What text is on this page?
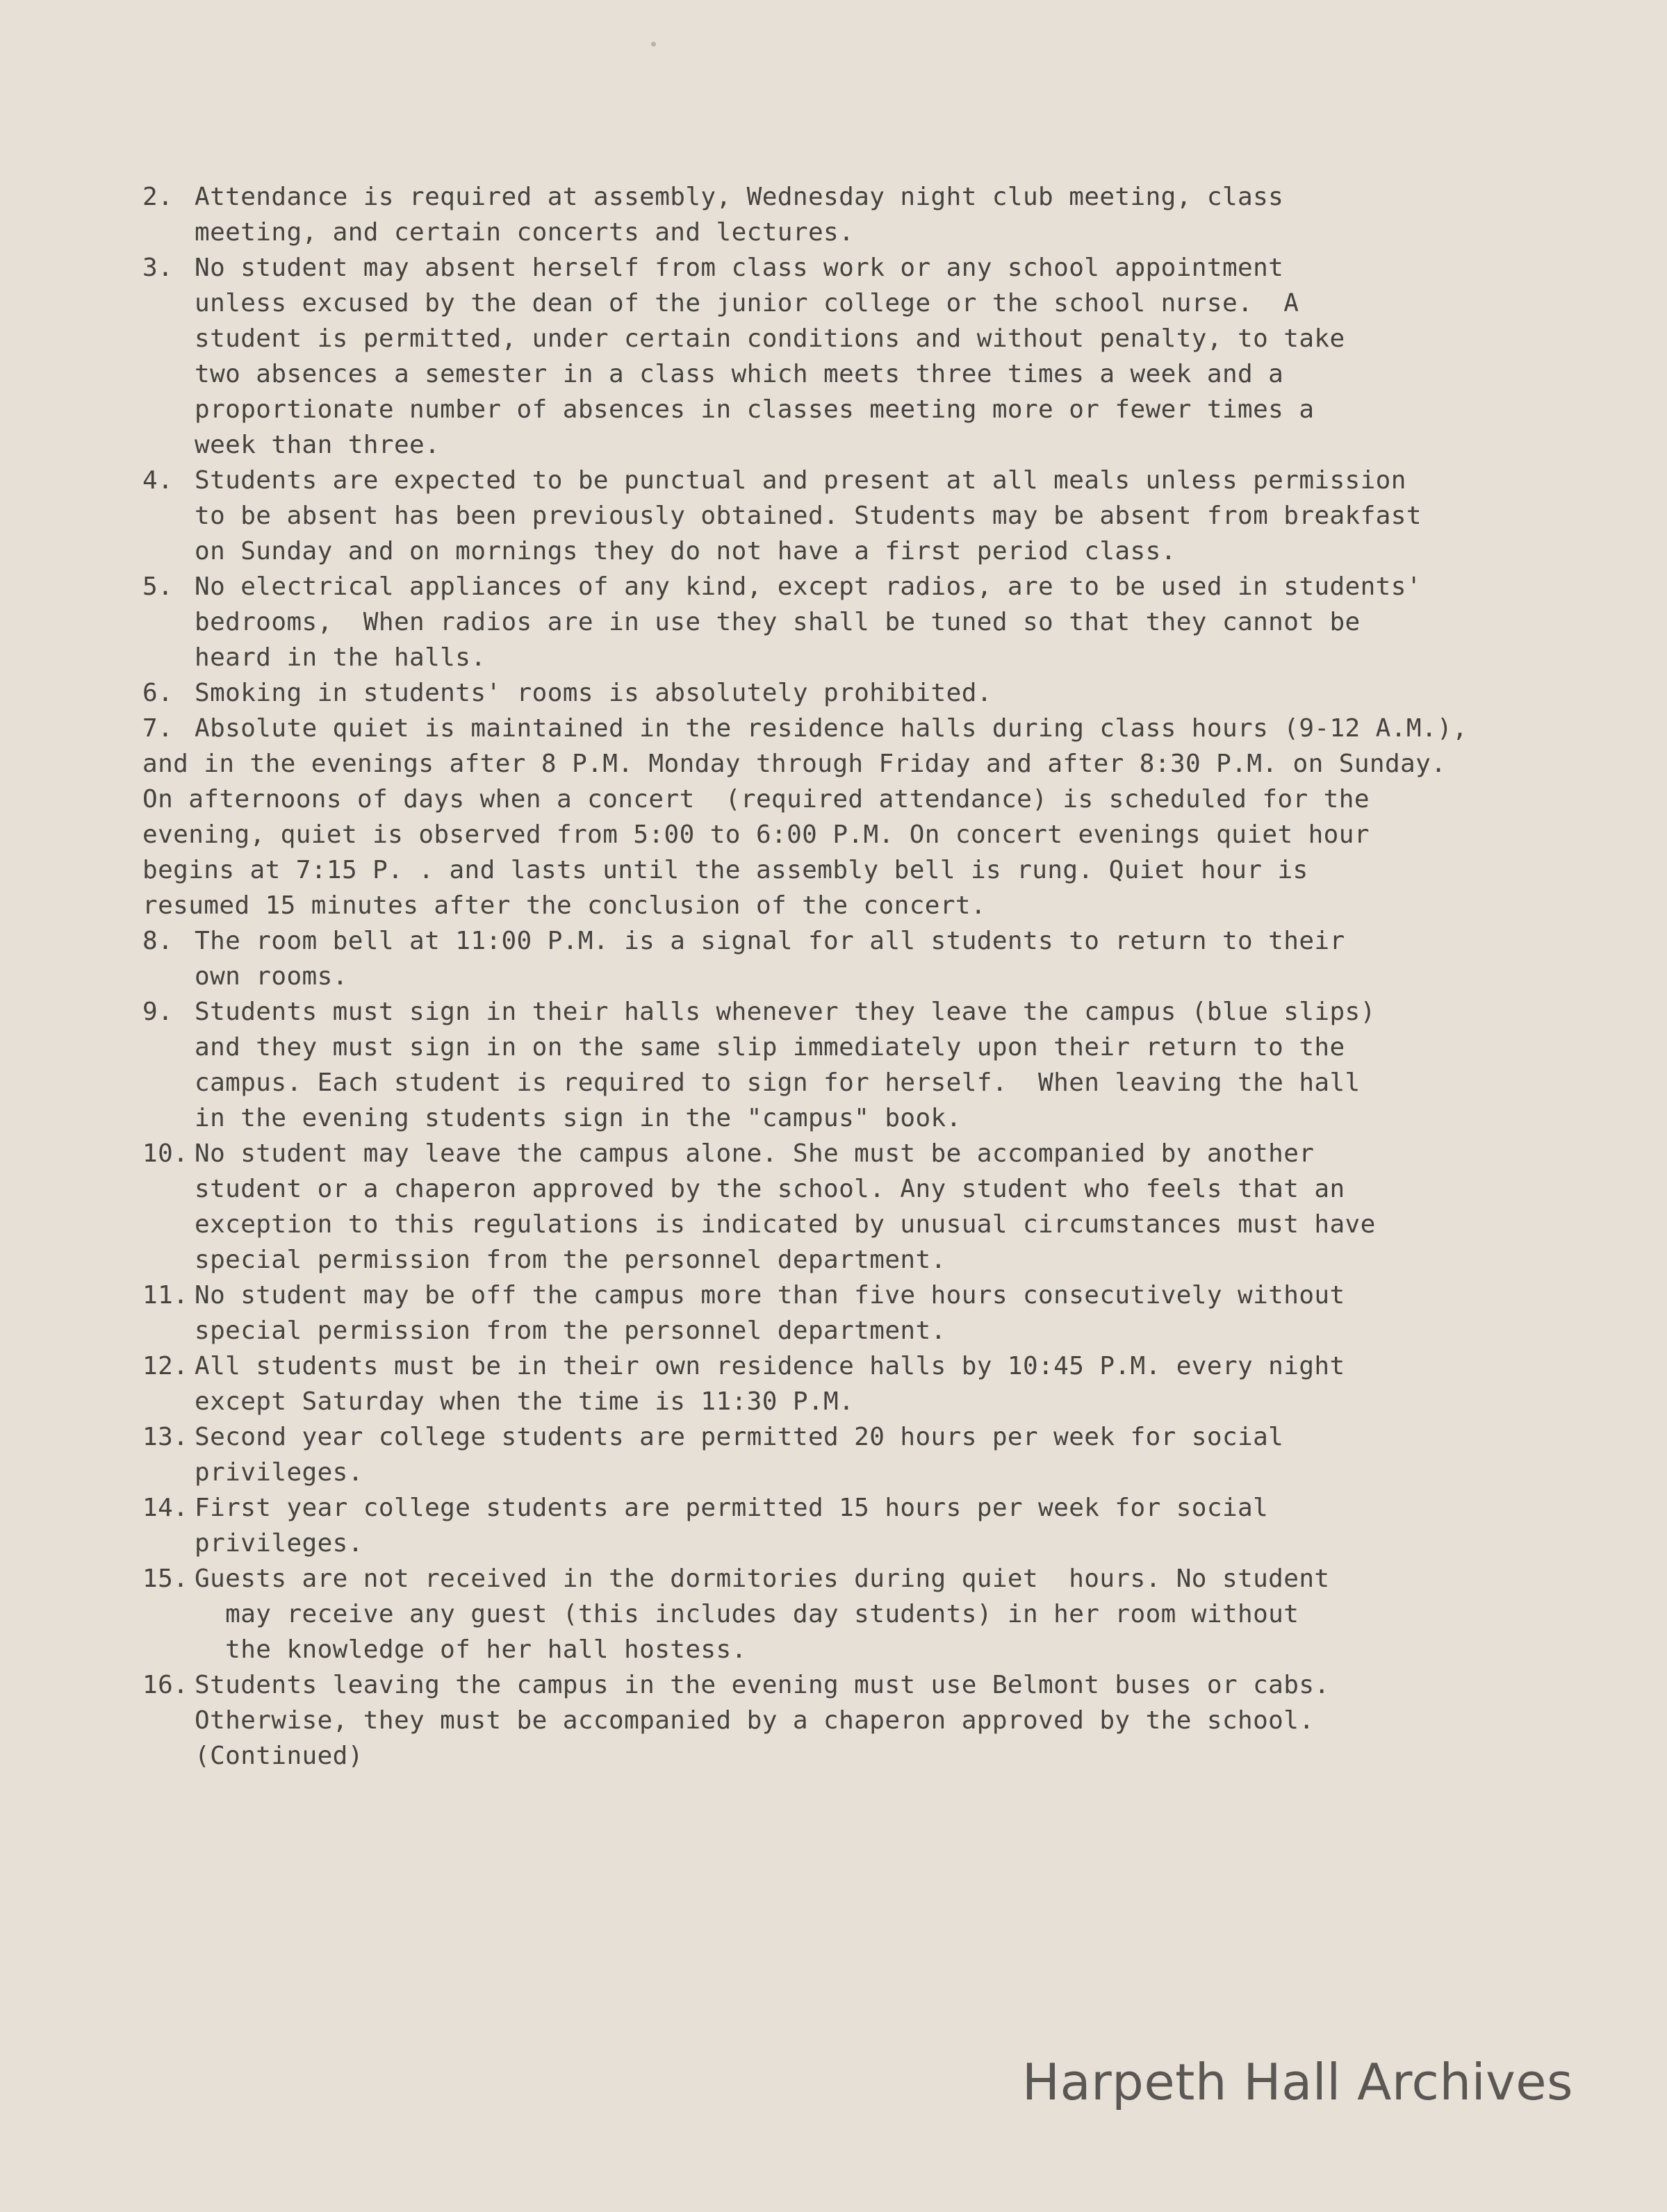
2. Attendance is required at assembly, Wednesday night club meeting, class
meeting, and certain concerts and lectures.
3. No student may absent herself from class work or any school appointment
unless excused by the dean of the junior college or the school nurse.  A
student is permitted, under certain conditions and without penalty, to take
two absences a semester in a class which meets three times a week and a
proportionate number of absences in classes meeting more or fewer times a
week than three.
4. Students are expected to be punctual and present at all meals unless permission
to be absent has been previously obtained. Students may be absent from breakfast
on Sunday and on mornings they do not have a first period class.
5. No electrical appliances of any kind, except radios, are to be used in students'
bedrooms,  When radios are in use they shall be tuned so that they cannot be
heard in the halls.
6. Smoking in students' rooms is absolutely prohibited.
7. Absolute quiet is maintained in the residence halls during class hours (9-12 A.M.),
and in the evenings after 8 P.M. Monday through Friday and after 8:30 P.M. on Sunday.
On afternoons of days when a concert  (required attendance) is scheduled for the
evening, quiet is observed from 5:00 to 6:00 P.M. On concert evenings quiet hour
begins at 7:15 P. . and lasts until the assembly bell is rung. Quiet hour is
resumed 15 minutes after the conclusion of the concert.
8. The room bell at 11:00 P.M. is a signal for all students to return to their
own rooms.
9. Students must sign in their halls whenever they leave the campus (blue slips)
and they must sign in on the same slip immediately upon their return to the
campus. Each student is required to sign for herself.  When leaving the hall
in the evening students sign in the "campus" book.
10. No student may leave the campus alone. She must be accompanied by another
student or a chaperon approved by the school. Any student who feels that an
exception to this regulations is indicated by unusual circumstances must have
special permission from the personnel department.
11. No student may be off the campus more than five hours consecutively without
special permission from the personnel department.
12. All students must be in their own residence halls by 10:45 P.M. every night
except Saturday when the time is 11:30 P.M.
13. Second year college students are permitted 20 hours per week for social
privileges.
14. First year college students are permitted 15 hours per week for social
privileges.
15. Guests are not received in the dormitories during quiet  hours. No student
may receive any guest (this includes day students) in her room without
the knowledge of her hall hostess.
16. Students leaving the campus in the evening must use Belmont buses or cabs.
Otherwise, they must be accompanied by a chaperon approved by the school.
(Continued)
Harpeth Hall Archives
